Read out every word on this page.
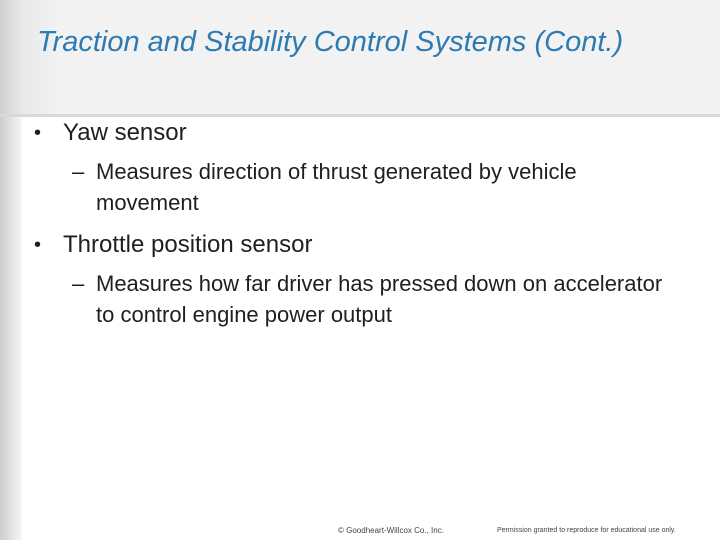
Traction and Stability Control Systems (Cont.)
• Yaw sensor
– Measures direction of thrust generated by vehicle movement
• Throttle position sensor
– Measures how far driver has pressed down on accelerator to control engine power output
© Goodheart-Willcox Co., Inc.	Permission granted to reproduce for educational use only.
